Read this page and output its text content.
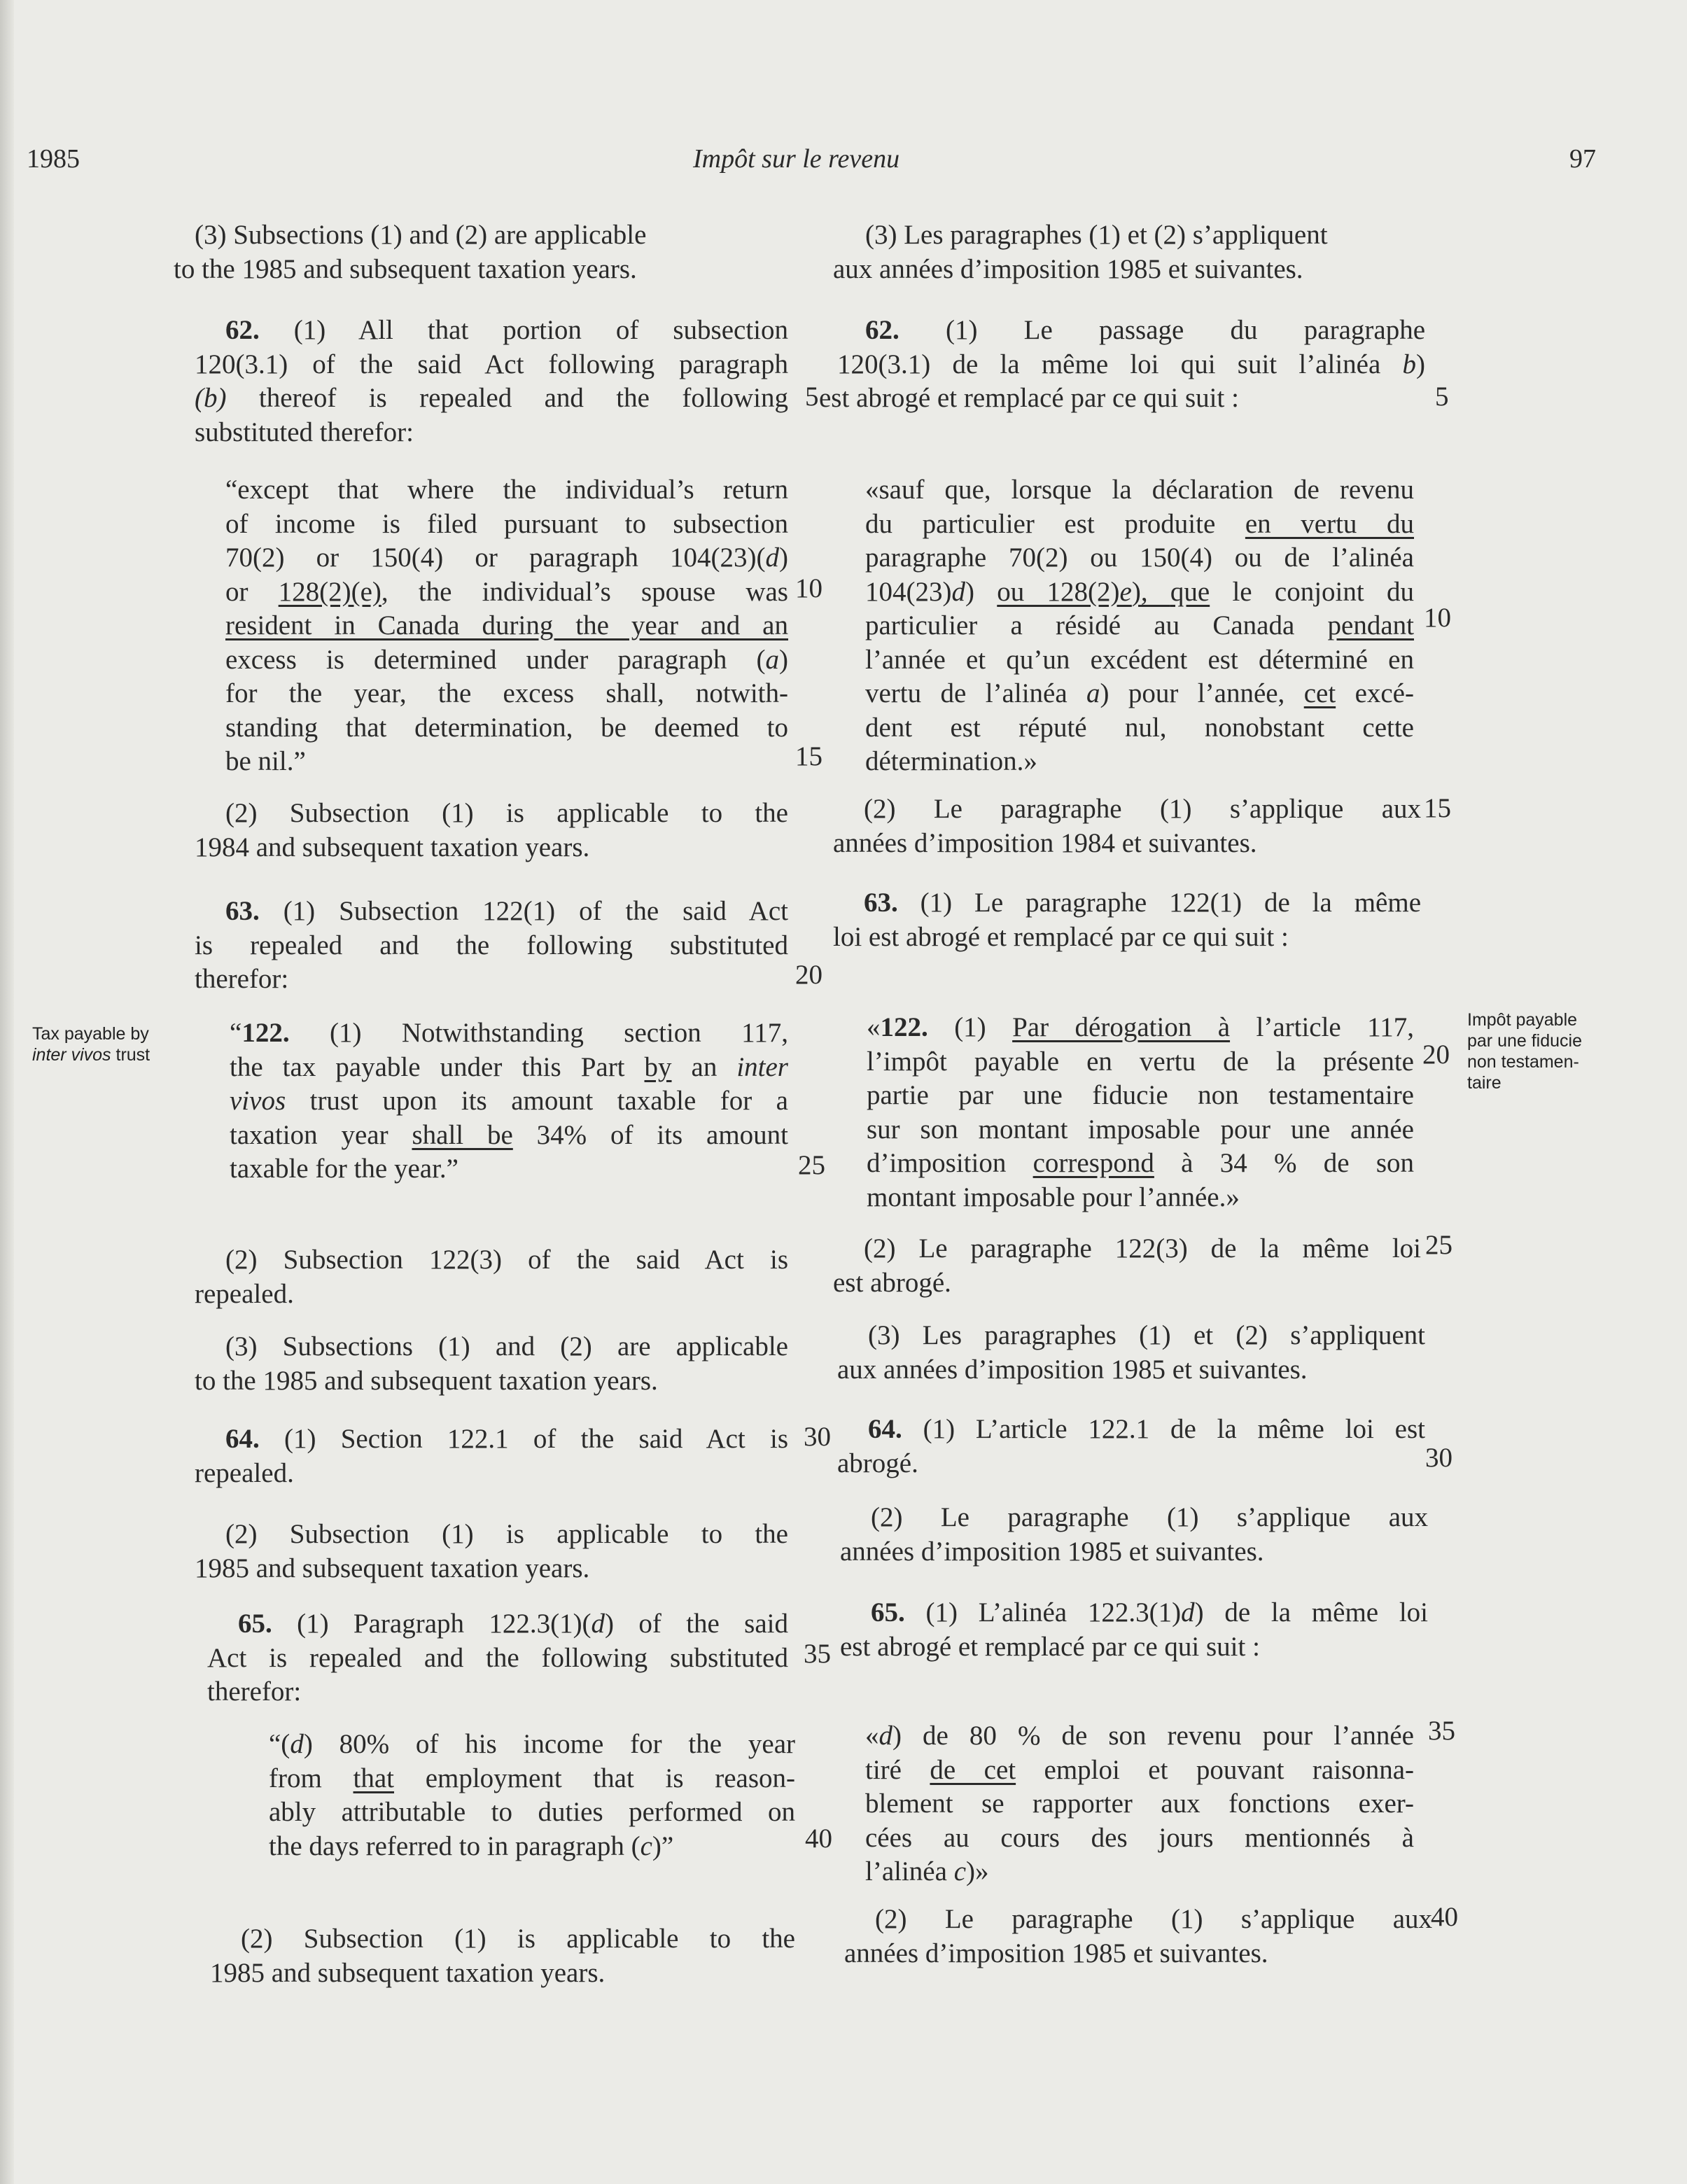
1985	Impôt sur le revenu	97
(3) Subsections (1) and (2) are applicable
to the 1985 and subsequent taxation years.
62. (1) All that portion of subsection
120(3.1) of the said Act following paragraph
(b) thereof is repealed and the following
substituted therefor:
“except that where the individual’s return
of income is filed pursuant to subsection
70(2) or 150(4) or paragraph 104(23)(d)
or 128(2)(e), the individual’s spouse was
resident in Canada during the year and an
excess is determined under paragraph (a)
for the year, the excess shall, notwith-
standing that determination, be deemed to
be nil.”
(2) Subsection (1) is applicable to the
1984 and subsequent taxation years.
63. (1) Subsection 122(1) of the said Act
is repealed and the following substituted
therefor:
“122. (1) Notwithstanding section 117,
the tax payable under this Part by an inter
vivos trust upon its amount taxable for a
taxation year shall be 34% of its amount
taxable for the year.”
(2) Subsection 122(3) of the said Act is
repealed.
(3) Subsections (1) and (2) are applicable
to the 1985 and subsequent taxation years.
64. (1) Section 122.1 of the said Act is
repealed.
(2) Subsection (1) is applicable to the
1985 and subsequent taxation years.
65. (1) Paragraph 122.3(1)(d) of the said
Act is repealed and the following substituted
therefor:
“(d) 80% of his income for the year
from that employment that is reason-
ably attributable to duties performed on
the days referred to in paragraph (c)”
(2) Subsection (1) is applicable to the
1985 and subsequent taxation years.
(3) Les paragraphes (1) et (2) s’appliquent
aux années d’imposition 1985 et suivantes.
62. (1) Le passage du paragraphe
120(3.1) de la même loi qui suit l’alinéa b)
est abrogé et remplacé par ce qui suit :
«sauf que, lorsque la déclaration de revenu
du particulier est produite en vertu du
paragraphe 70(2) ou 150(4) ou de l’alinéa
104(23)d) ou 128(2)e), que le conjoint du
particulier a résidé au Canada pendant
l’année et qu’un excédent est déterminé en
vertu de l’alinéa a) pour l’année, cet excé-
dent est réputé nul, nonobstant cette
détermination.»
(2) Le paragraphe (1) s’applique aux
années d’imposition 1984 et suivantes.
63. (1) Le paragraphe 122(1) de la même
loi est abrogé et remplacé par ce qui suit :
«122. (1) Par dérogation à l’article 117,
l’impôt payable en vertu de la présente
partie par une fiducie non testamentaire
sur son montant imposable pour une année
d’imposition correspond à 34 % de son
montant imposable pour l’année.»
(2) Le paragraphe 122(3) de la même loi
est abrogé.
(3) Les paragraphes (1) et (2) s’appliquent
aux années d’imposition 1985 et suivantes.
64. (1) L’article 122.1 de la même loi est
abrogé.
(2) Le paragraphe (1) s’applique aux
années d’imposition 1985 et suivantes.
65. (1) L’alinéa 122.3(1)d) de la même loi
est abrogé et remplacé par ce qui suit :
«d) de 80 % de son revenu pour l’année
tiré de cet emploi et pouvant raisonna-
blement se rapporter aux fonctions exer-
cées au cours des jours mentionnés à
l’alinéa c)»
(2) Le paragraphe (1) s’applique aux
années d’imposition 1985 et suivantes.
5	5
10
10
15
15
20
20
25
25
30
30
35
35
40
40
Tax payable by
inter vivos trust
Impôt payable
par une fiducie
non testamen-
taire
